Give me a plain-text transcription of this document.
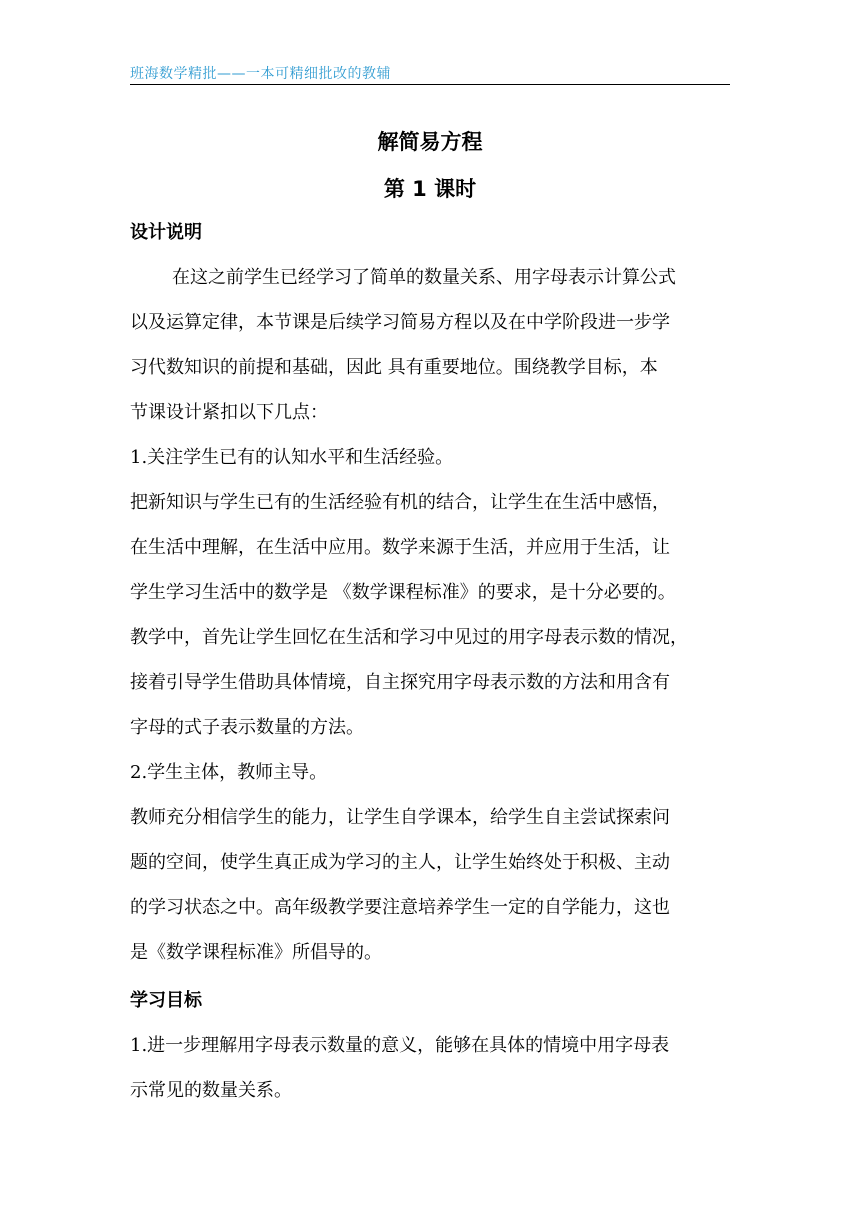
班海数学精批——一本可精细批改的教辅
解简易方程
第 1 课时
设计说明
在这之前学生已经学习了简单的数量关系、用字母表示计算公式
以及运算定律，本节课是后续学习简易方程以及在中学阶段进一步学
习代数知识的前提和基础，因此 具有重要地位。围绕教学目标，本
节课设计紧扣以下几点：
1.关注学生已有的认知水平和生活经验。
把新知识与学生已有的生活经验有机的结合，让学生在生活中感悟，
在生活中理解，在生活中应用。数学来源于生活，并应用于生活，让
学生学习生活中的数学是 《数学课程标准》的要求，是十分必要的。
教学中，首先让学生回忆在生活和学习中见过的用字母表示数的情况，
接着引导学生借助具体情境，自主探究用字母表示数的方法和用含有
字母的式子表示数量的方法。
2.学生主体，教师主导。
教师充分相信学生的能力，让学生自学课本，给学生自主尝试探索问
题的空间，使学生真正成为学习的主人，让学生始终处于积极、主动
的学习状态之中。高年级教学要注意培养学生一定的自学能力，这也
是《数学课程标准》所倡导的。
学习目标
1.进一步理解用字母表示数量的意义，能够在具体的情境中用字母表
示常见的数量关系。
